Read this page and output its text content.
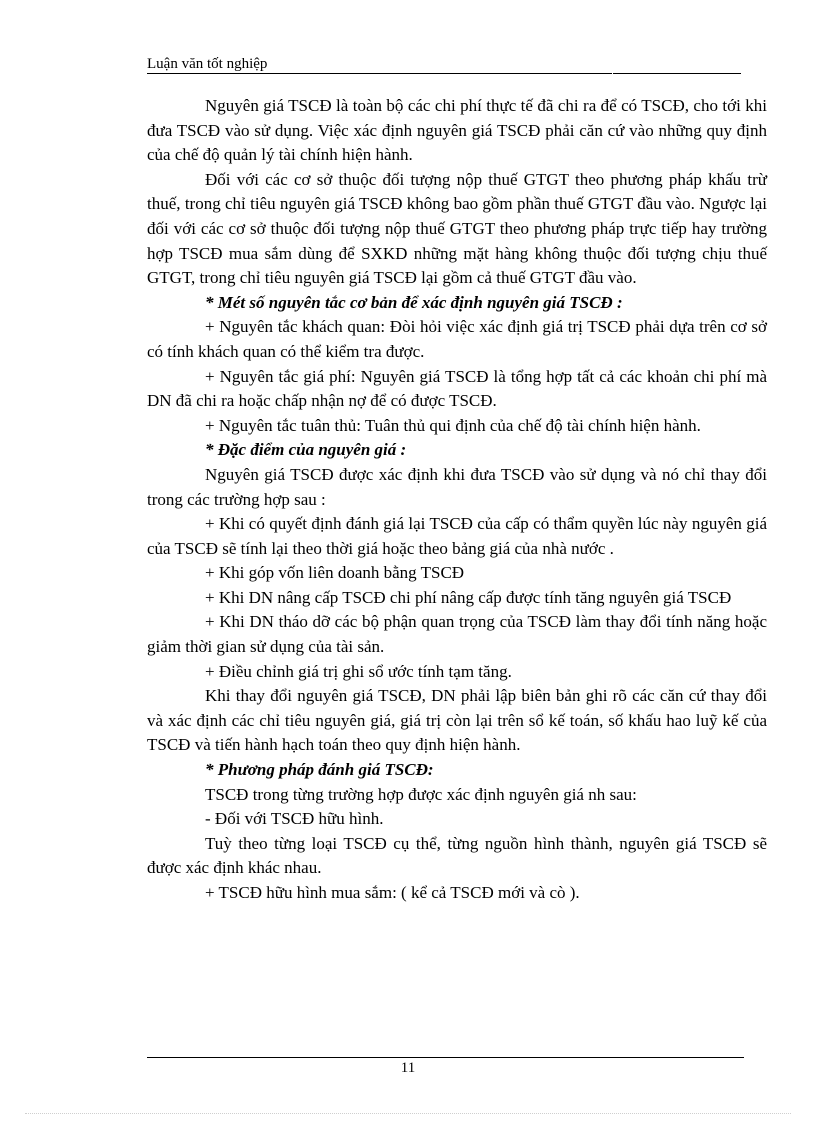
Luận văn tốt nghiệp

Nguyên giá TSCĐ là toàn bộ các chi phí thực tế đã chi ra để có TSCĐ, cho tới khi đưa TSCĐ vào sử dụng. Việc xác định nguyên giá TSCĐ phải căn cứ vào những quy định của chế độ quản lý tài chính hiện hành.

Đối với các cơ sở thuộc đối tượng nộp thuế GTGT theo phương pháp khấu trừ thuế, trong chỉ tiêu nguyên giá TSCĐ không bao gồm phần thuế GTGT đầu vào. Ngược lại đối với các cơ sở thuộc đối tượng nộp thuế GTGT theo phương pháp trực tiếp hay trường hợp TSCĐ mua sắm dùng để SXKD những mặt hàng không thuộc đối tượng chịu thuế GTGT, trong chỉ tiêu nguyên giá TSCĐ lại gồm cả thuế GTGT đầu vào.

* Mét số nguyên tắc cơ bản để xác định nguyên giá TSCĐ :

+ Nguyên tắc khách quan: Đòi hỏi việc xác định giá trị TSCĐ phải dựa trên cơ sở có tính khách quan có thể kiểm tra được.

+ Nguyên tắc giá phí: Nguyên giá TSCĐ là tổng hợp tất cả các khoản chi phí mà DN đã chi ra hoặc chấp nhận nợ để có được TSCĐ.

+ Nguyên tắc tuân thủ: Tuân thủ qui định của chế độ tài chính hiện hành.

* Đặc điểm của nguyên giá :

Nguyên giá TSCĐ được xác định khi đưa TSCĐ vào sử dụng và nó chỉ thay đổi trong các trường hợp sau :

+ Khi có quyết định đánh giá lại TSCĐ của cấp có thẩm quyền lúc này nguyên giá của TSCĐ sẽ tính lại theo thời giá hoặc theo bảng giá của nhà nước .

+ Khi góp vốn liên doanh bằng TSCĐ

+ Khi DN nâng cấp TSCĐ chi phí nâng cấp được tính tăng nguyên giá TSCĐ

+ Khi DN tháo dỡ các bộ phận quan trọng của TSCĐ làm thay đổi tính năng hoặc giảm thời gian sử dụng của tài sản.

+ Điều chỉnh giá trị ghi sổ ước tính tạm tăng.

Khi thay đổi nguyên giá TSCĐ, DN phải lập biên bản ghi rõ các căn cứ thay đổi và xác định các chỉ tiêu nguyên giá, giá trị còn lại trên sổ kế toán, số khấu hao luỹ kế của TSCĐ và tiến hành hạch toán theo quy định hiện hành.

* Phương pháp đánh giá TSCĐ:

TSCĐ trong từng trường hợp được xác định nguyên giá nh sau:

- Đối với TSCĐ hữu hình.

Tuỳ theo từng loại TSCĐ cụ thể, từng nguồn hình thành, nguyên giá TSCĐ sẽ được xác định khác nhau.

+ TSCĐ hữu hình mua sắm: ( kể cả TSCĐ mới và cò ).

11
